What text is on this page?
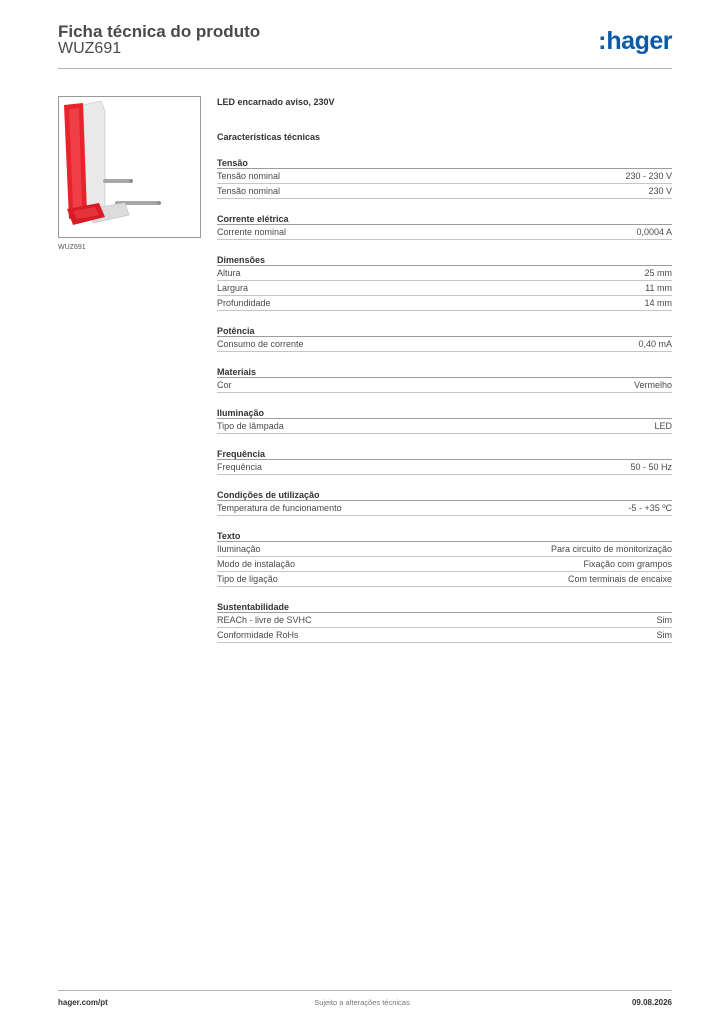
Ficha técnica do produto
WUZ691	:hager
WUZ691
LED encarnado aviso, 230V
Características técnicas
Tensão
Tensão nominal	230 - 230 V
Tensão nominal	230 V
Corrente elétrica
Corrente nominal	0,0004 A
Dimensões
Altura	25 mm
Largura	11 mm
Profundidade	14 mm
Potência
Consumo de corrente	0,40 mA
Materiais
Cor	Vermelho
Iluminação
Tipo de lâmpada	LED
Frequência
Frequência	50 - 50 Hz
Condições de utilização
Temperatura de funcionamento	-5 - +35 ºC
Texto
Iluminação	Para circuito de monitorização
Modo de instalação	Fixação com grampos
Tipo de ligação	Com terminais de encaixe
Sustentabilidade
REACh - livre de SVHC	Sim
Conformidade RoHs	Sim
hager.com/pt	Sujeito a alterações técnicas	09.08.2026
